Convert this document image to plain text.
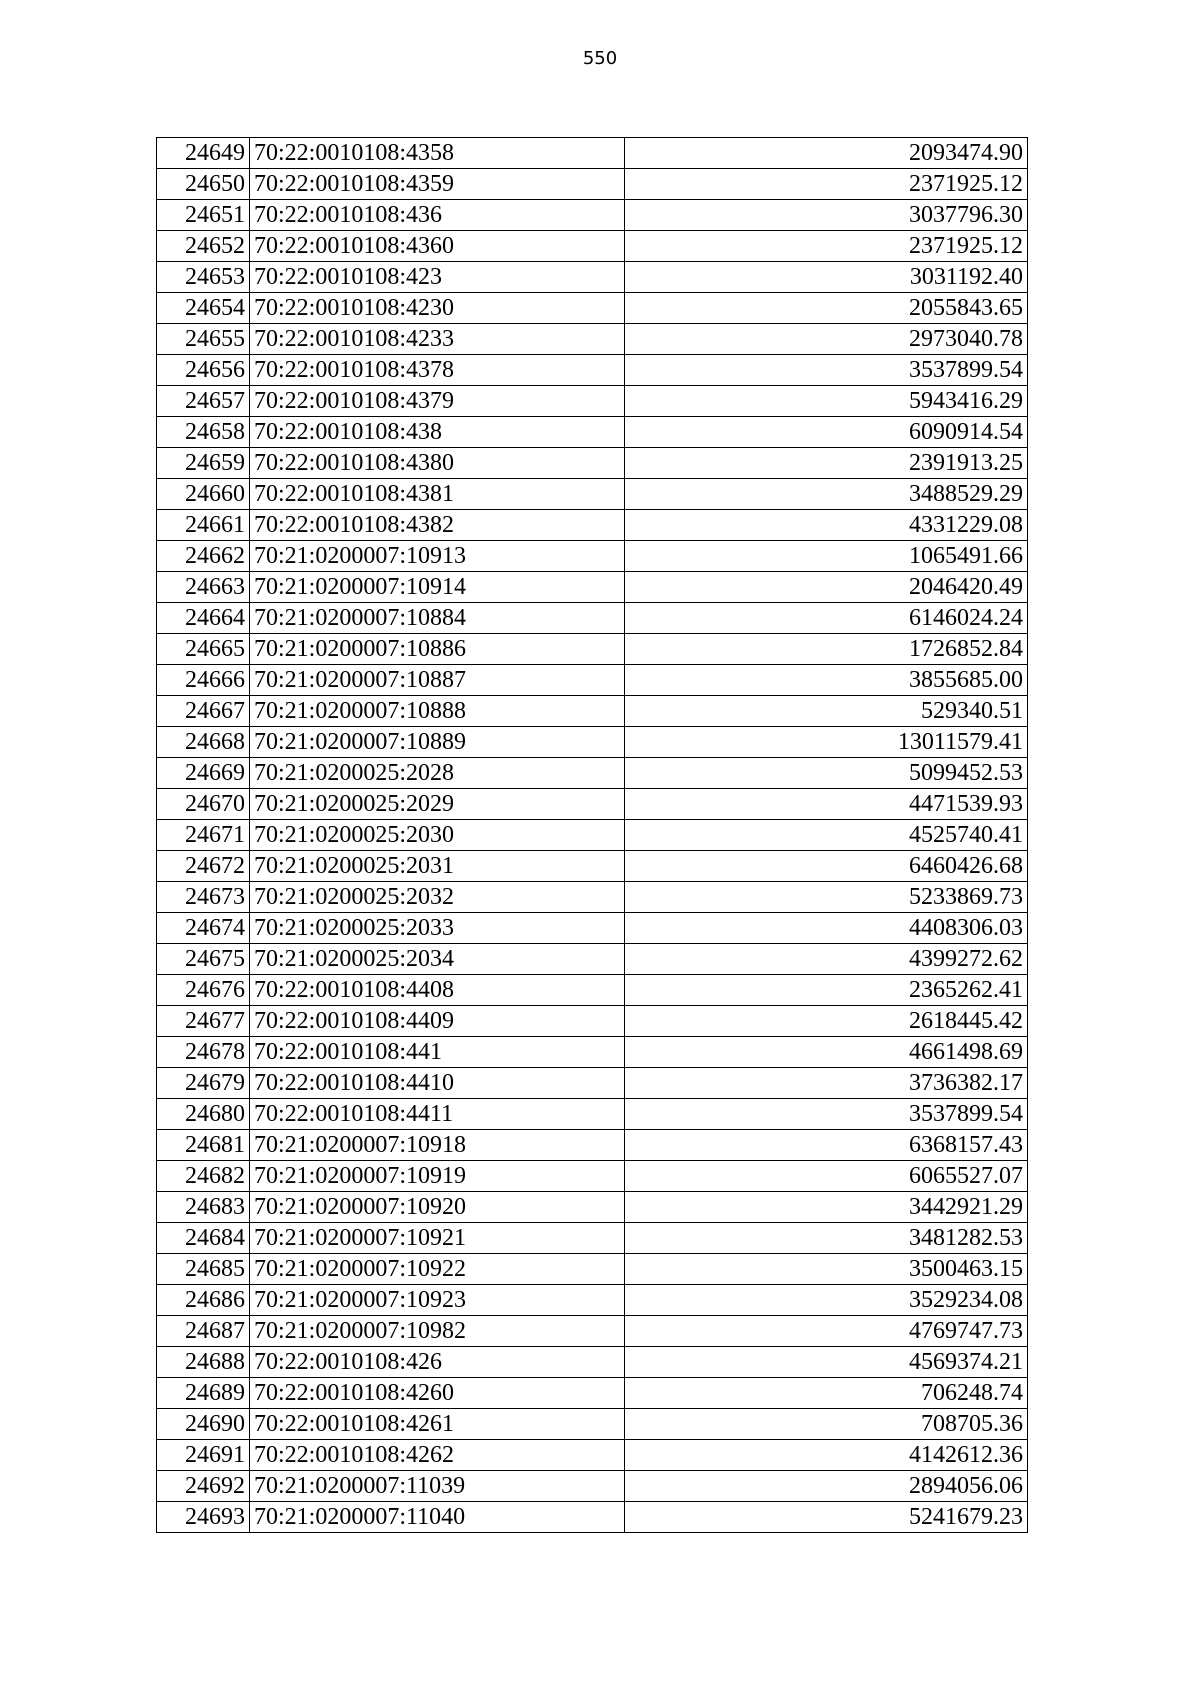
550
24649	70:22:0010108:4358	2093474.90
24650	70:22:0010108:4359	2371925.12
24651	70:22:0010108:436	3037796.30
24652	70:22:0010108:4360	2371925.12
24653	70:22:0010108:423	3031192.40
24654	70:22:0010108:4230	2055843.65
24655	70:22:0010108:4233	2973040.78
24656	70:22:0010108:4378	3537899.54
24657	70:22:0010108:4379	5943416.29
24658	70:22:0010108:438	6090914.54
24659	70:22:0010108:4380	2391913.25
24660	70:22:0010108:4381	3488529.29
24661	70:22:0010108:4382	4331229.08
24662	70:21:0200007:10913	1065491.66
24663	70:21:0200007:10914	2046420.49
24664	70:21:0200007:10884	6146024.24
24665	70:21:0200007:10886	1726852.84
24666	70:21:0200007:10887	3855685.00
24667	70:21:0200007:10888	529340.51
24668	70:21:0200007:10889	13011579.41
24669	70:21:0200025:2028	5099452.53
24670	70:21:0200025:2029	4471539.93
24671	70:21:0200025:2030	4525740.41
24672	70:21:0200025:2031	6460426.68
24673	70:21:0200025:2032	5233869.73
24674	70:21:0200025:2033	4408306.03
24675	70:21:0200025:2034	4399272.62
24676	70:22:0010108:4408	2365262.41
24677	70:22:0010108:4409	2618445.42
24678	70:22:0010108:441	4661498.69
24679	70:22:0010108:4410	3736382.17
24680	70:22:0010108:4411	3537899.54
24681	70:21:0200007:10918	6368157.43
24682	70:21:0200007:10919	6065527.07
24683	70:21:0200007:10920	3442921.29
24684	70:21:0200007:10921	3481282.53
24685	70:21:0200007:10922	3500463.15
24686	70:21:0200007:10923	3529234.08
24687	70:21:0200007:10982	4769747.73
24688	70:22:0010108:426	4569374.21
24689	70:22:0010108:4260	706248.74
24690	70:22:0010108:4261	708705.36
24691	70:22:0010108:4262	4142612.36
24692	70:21:0200007:11039	2894056.06
24693	70:21:0200007:11040	5241679.23
